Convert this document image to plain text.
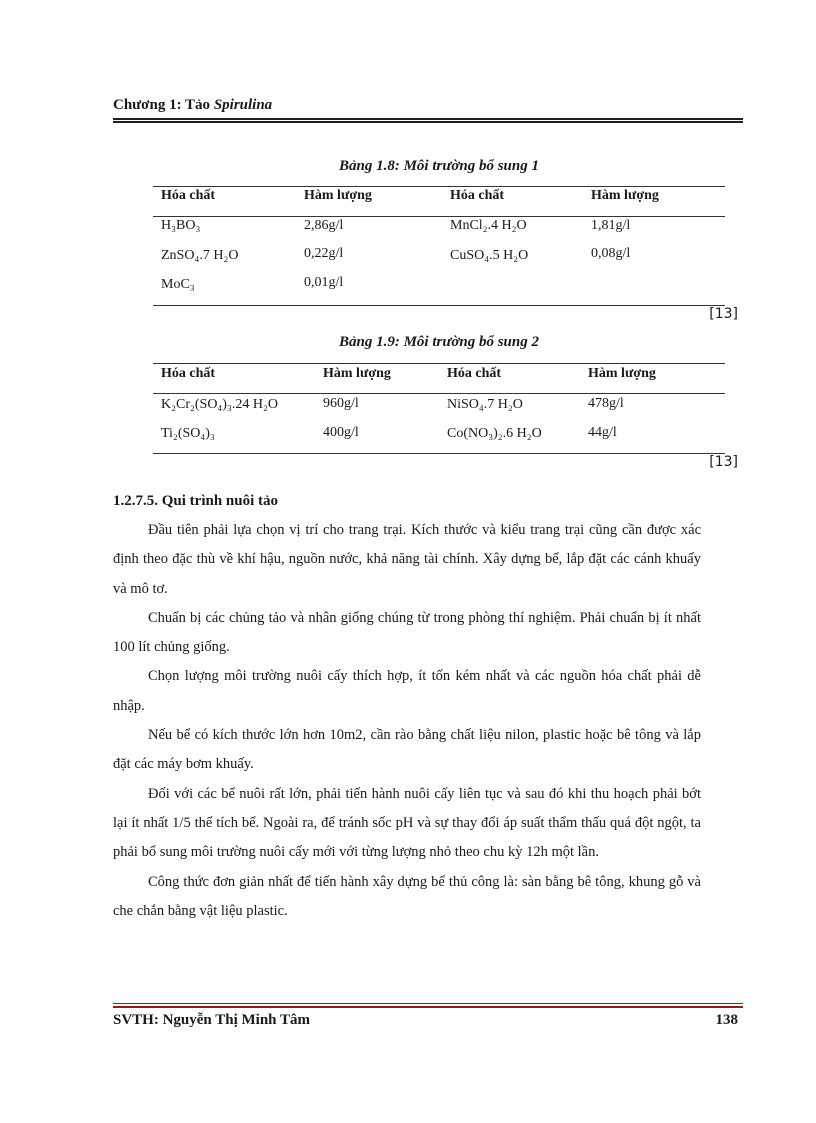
Chương 1: Tảo Spirulina
Bảng 1.8: Môi trường bổ sung 1
Hóa chất	Hàm lượng	Hóa chất	Hàm lượng
H₃BO₃	2,86g/l	MnCl₂.4 H₂O	1,81g/l
ZnSO₄.7 H₂O	0,22g/l	CuSO₄.5 H₂O	0,08g/l
MoC₃	0,01g/l
[13]
Bảng 1.9: Môi trường bổ sung 2
Hóa chất	Hàm lượng	Hóa chất	Hàm lượng
K₂Cr₂(SO₄)₃.24 H₂O	960g/l	NiSO₄.7 H₂O	478g/l
Ti₂(SO₄)₃	400g/l	Co(NO₃)₂.6 H₂O	44g/l
[13]
1.2.7.5. Qui trình nuôi tảo

Đầu tiên phải lựa chọn vị trí cho trang trại. Kích thước và kiểu trang trại cũng cần được xác định theo đặc thù về khí hậu, nguồn nước, khả năng tài chính. Xây dựng bể, lắp đặt các cánh khuấy và mô tơ.

Chuẩn bị các chủng tảo và nhân giống chúng từ trong phòng thí nghiệm. Phải chuẩn bị ít nhất 100 lít chủng giống.

Chọn lượng môi trường nuôi cấy thích hợp, ít tốn kém nhất và các nguồn hóa chất phải dễ nhập.

Nếu bể có kích thước lớn hơn 10m2, cần rào bằng chất liệu nilon, plastic hoặc bê tông và lắp đặt các máy bơm khuấy.

Đối với các bể nuôi rất lớn, phải tiến hành nuôi cấy liên tục và sau đó khi thu hoạch phải bớt lại ít nhất 1/5 thể tích bể. Ngoài ra, để tránh sốc pH và sự thay đổi áp suất thẩm thấu quá đột ngột, ta phải bổ sung môi trường nuôi cấy mới với từng lượng nhỏ theo chu kỳ 12h một lần.

Công thức đơn giản nhất để tiến hành xây dựng bể thủ công là: sàn bằng bê tông, khung gỗ và che chắn bằng vật liệu plastic.

SVTH: Nguyễn Thị Minh Tâm	138
